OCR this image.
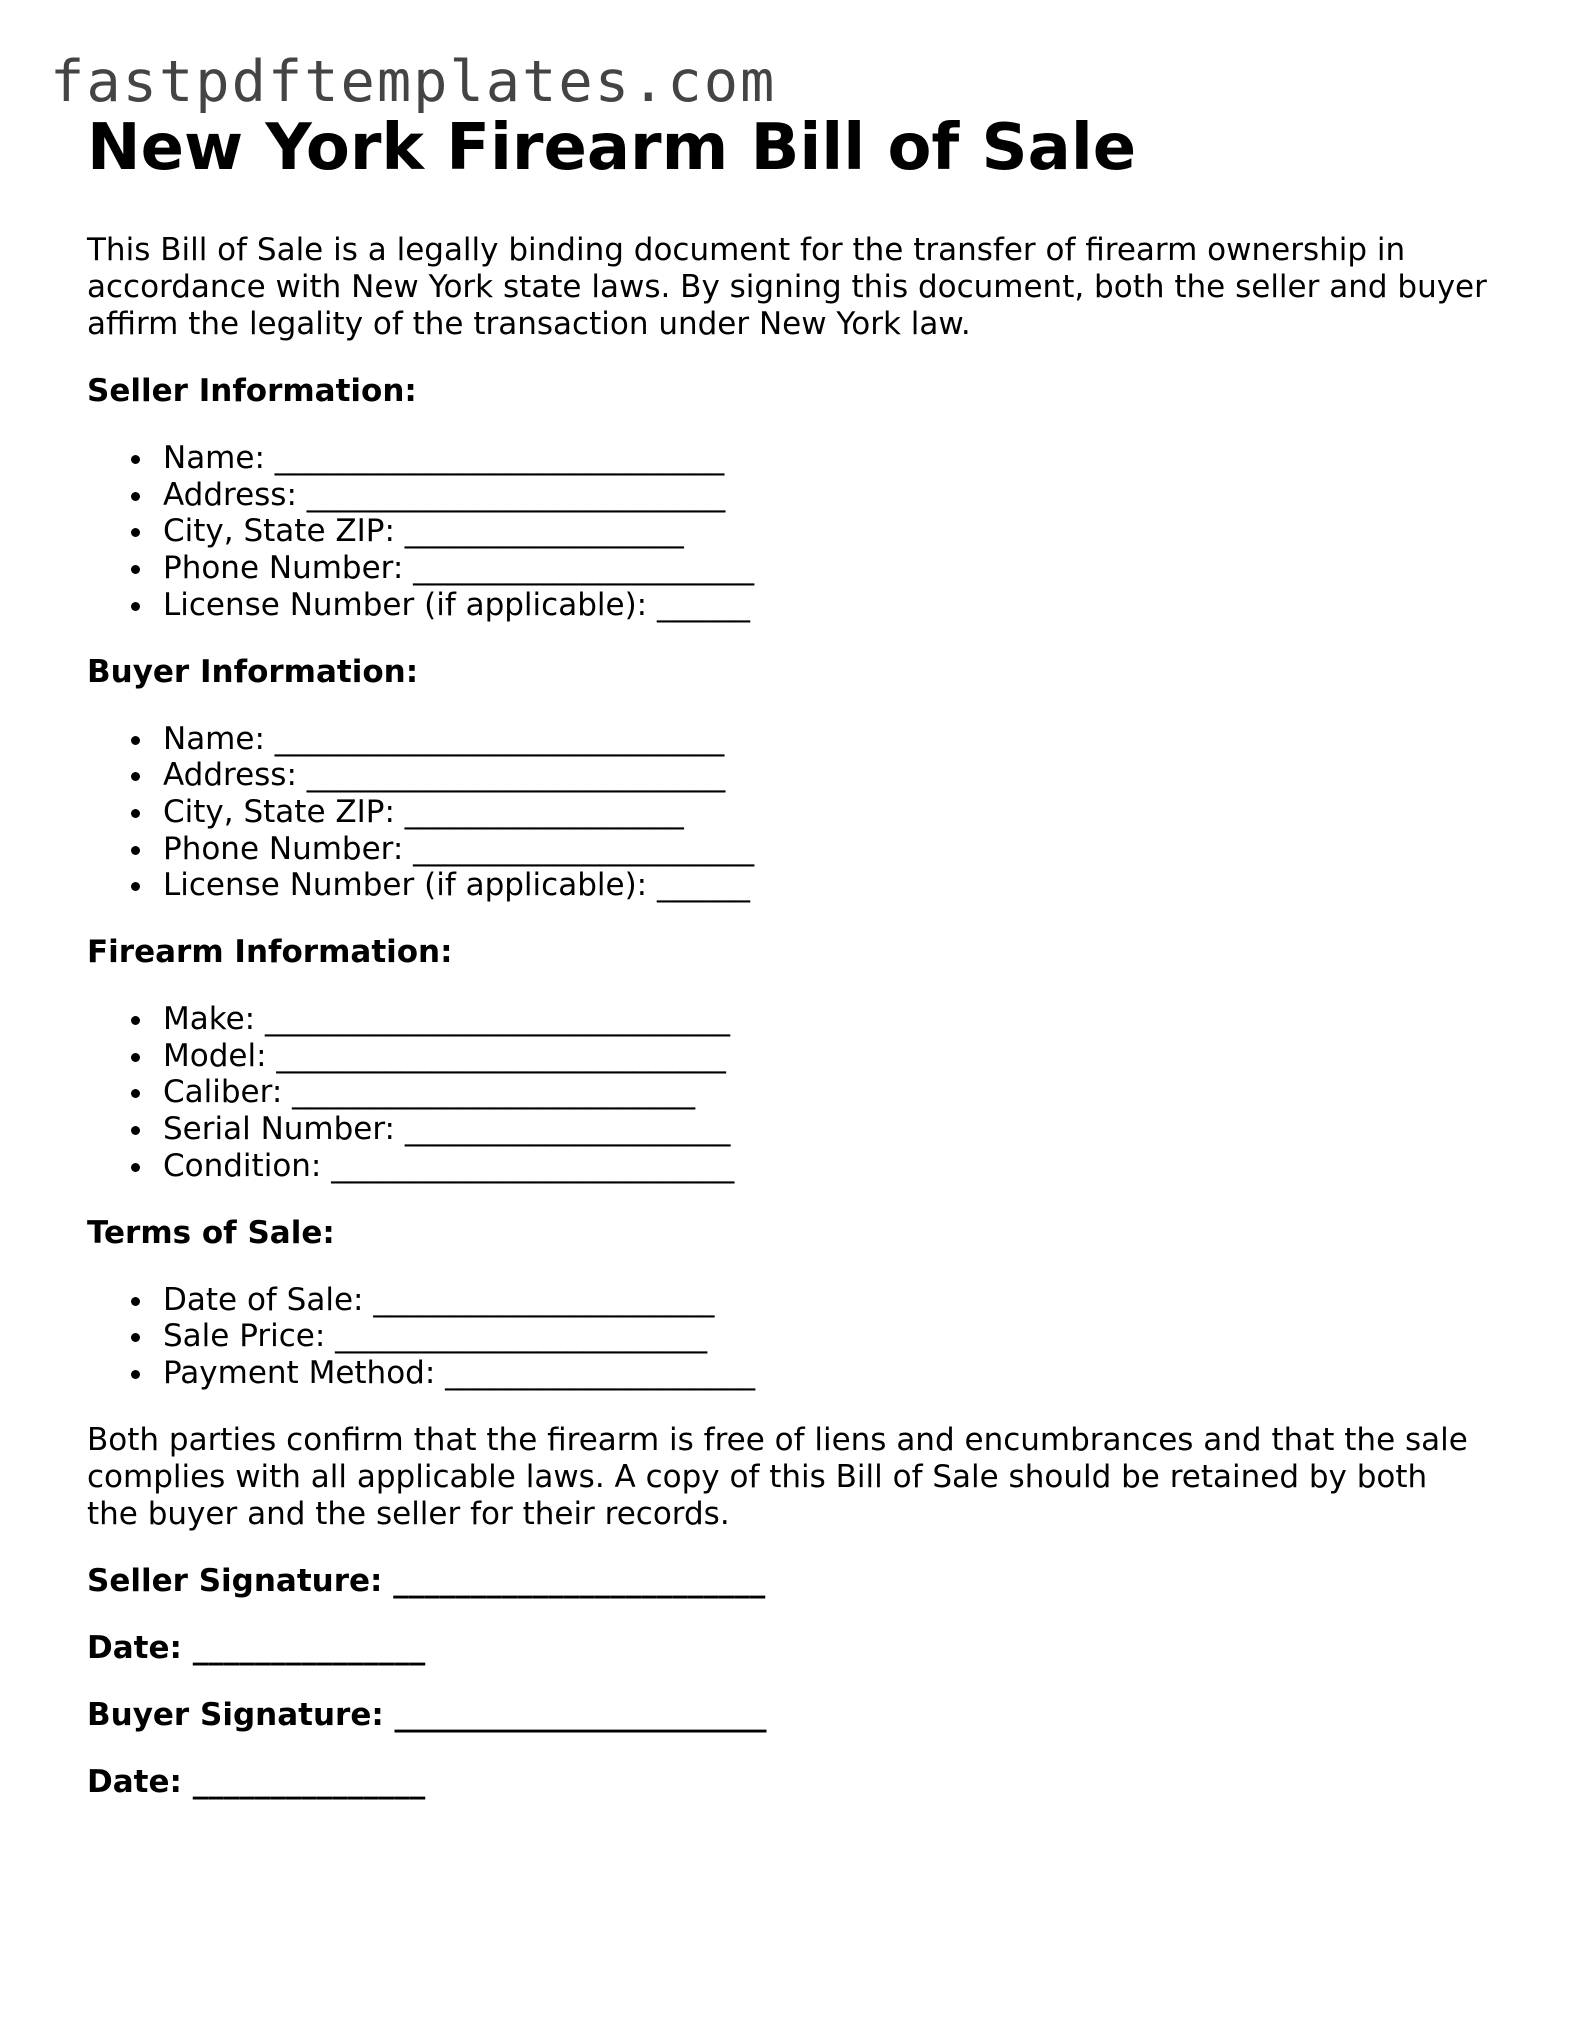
fastpdftemplates.com
New York Firearm Bill of Sale

This Bill of Sale is a legally binding document for the transfer of firearm ownership in accordance with New York state laws. By signing this document, both the seller and buyer affirm the legality of the transaction under New York law.

Seller Information:
Name: _____________________________
Address: ___________________________
City, State ZIP: __________________
Phone Number: ______________________
License Number (if applicable): ______
Buyer Information:
Name: _____________________________
Address: ___________________________
City, State ZIP: __________________
Phone Number: ______________________
License Number (if applicable): ______
Firearm Information:
Make: ______________________________
Model: _____________________________
Caliber: __________________________
Serial Number: _____________________
Condition: __________________________
Terms of Sale:
Date of Sale: ______________________
Sale Price: ________________________
Payment Method: ____________________

Both parties confirm that the firearm is free of liens and encumbrances and that the sale complies with all applicable laws. A copy of this Bill of Sale should be retained by both the buyer and the seller for their records.

Seller Signature: ________________________
Date: _______________
Buyer Signature: ________________________
Date: _______________
